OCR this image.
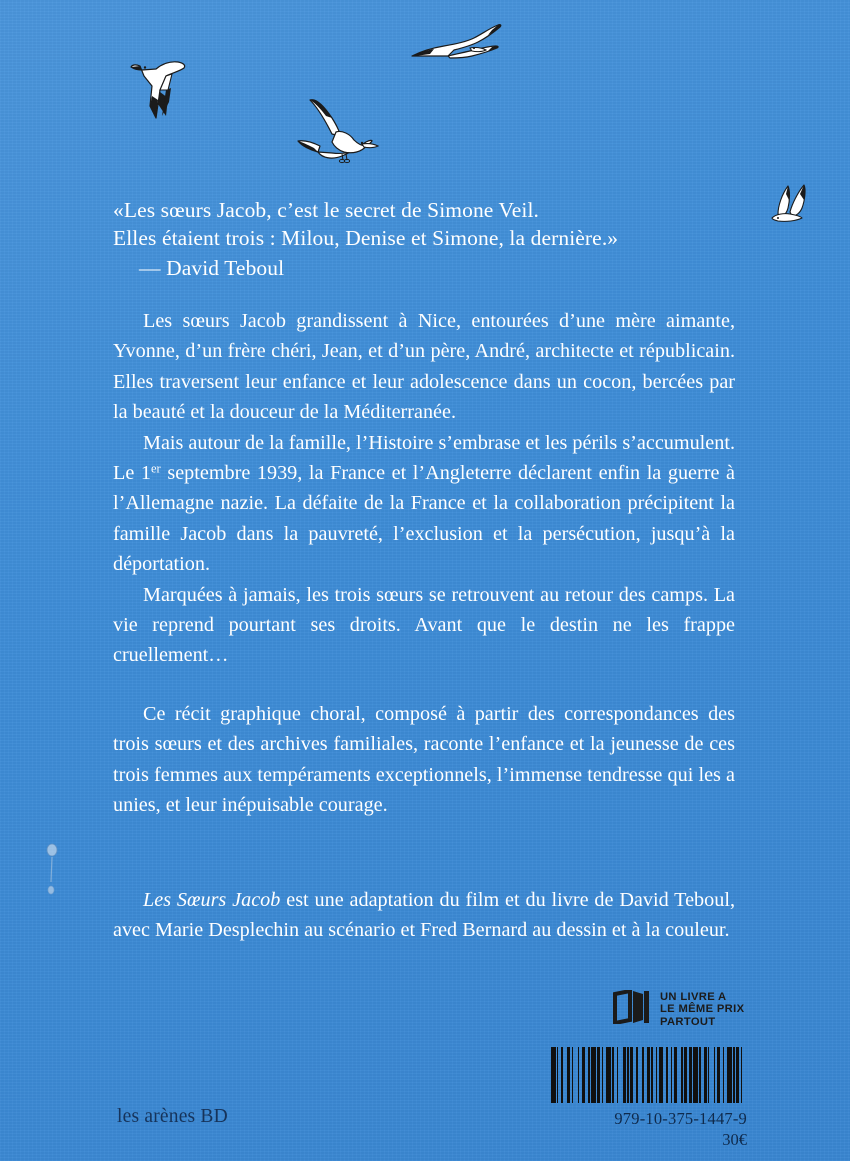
«Les sœurs Jacob, c’est le secret de Simone Veil.
Elles étaient trois : Milou, Denise et Simone, la dernière.»
— David Teboul

Les sœurs Jacob grandissent à Nice, entourées d’une mère aimante, Yvonne, d’un frère chéri, Jean, et d’un père, André, architecte et républicain. Elles traversent leur enfance et leur adolescence dans un cocon, bercées par la beauté et la douceur de la Méditerranée.

Mais autour de la famille, l’Histoire s’embrase et les périls s’accumulent. Le 1er septembre 1939, la France et l’Angleterre déclarent enfin la guerre à l’Allemagne nazie. La défaite de la France et la collaboration précipitent la famille Jacob dans la pauvreté, l’exclusion et la persécution, jusqu’à la déportation.

Marquées à jamais, les trois sœurs se retrouvent au retour des camps. La vie reprend pourtant ses droits. Avant que le destin ne les frappe cruellement…

Ce récit graphique choral, composé à partir des correspondances des trois sœurs et des archives familiales, raconte l’enfance et la jeunesse de ces trois femmes aux tempéraments exceptionnels, l’immense tendresse qui les a unies, et leur inépuisable courage.

Les Sœurs Jacob est une adaptation du film et du livre de David Teboul, avec Marie Desplechin au scénario et Fred Bernard au dessin et à la couleur.

les arènes BD
UN LIVRE A
LE MÊME PRIX
PARTOUT
979-10-375-1447-9
30€
